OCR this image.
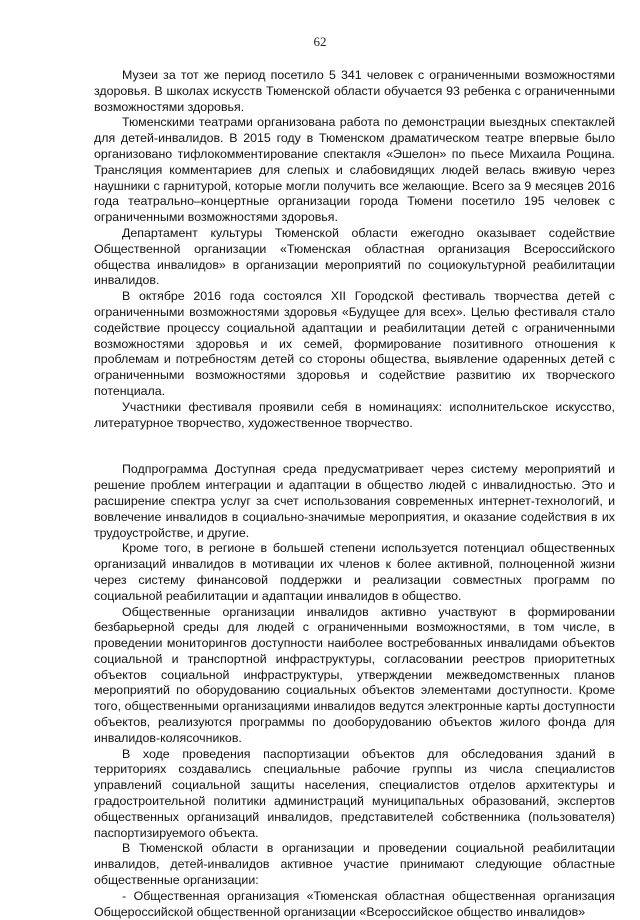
62

Музеи за тот же период посетило 5 341 человек с ограниченными возможностями здоровья. В школах искусств Тюменской области обучается 93 ребенка с ограниченными возможностями здоровья.

Тюменскими театрами организована работа по демонстрации выездных спектаклей для детей-инвалидов. В 2015 году в Тюменском драматическом театре впервые было организовано тифлокомментирование спектакля «Эшелон» по пьесе Михаила Рощина. Трансляция комментариев для слепых и слабовидящих людей велась вживую через наушники с гарнитурой, которые могли получить все желающие. Всего за 9 месяцев 2016 года театрально–концертные организации города Тюмени посетило 195 человек с ограниченными возможностями здоровья.

Департамент культуры Тюменской области ежегодно оказывает содействие Общественной организации «Тюменская областная организация Всероссийского общества инвалидов» в организации мероприятий по социокультурной реабилитации инвалидов.

В октябре 2016 года состоялся XII Городской фестиваль творчества детей с ограниченными возможностями здоровья «Будущее для всех». Целью фестиваля стало содействие процессу социальной адаптации и реабилитации детей с ограниченными возможностями здоровья и их семей, формирование позитивного отношения к проблемам и потребностям детей со стороны общества, выявление одаренных детей с ограниченными возможностями здоровья и содействие развитию их творческого потенциала.

Участники фестиваля проявили себя в номинациях: исполнительское искусство, литературное творчество, художественное творчество.

Подпрограмма Доступная среда предусматривает через систему мероприятий и решение проблем интеграции и адаптации в общество людей с инвалидностью. Это и расширение спектра услуг за счет использования современных интернет-технологий, и вовлечение инвалидов в социально-значимые мероприятия, и оказание содействия в их трудоустройстве, и другие.

Кроме того, в регионе в большей степени используется потенциал общественных организаций инвалидов в мотивации их членов к более активной, полноценной жизни через систему финансовой поддержки и реализации совместных программ по социальной реабилитации и адаптации инвалидов в общество.

Общественные организации инвалидов активно участвуют в формировании безбарьерной среды для людей с ограниченными возможностями, в том числе, в проведении мониторингов доступности наиболее востребованных инвалидами объектов социальной и транспортной инфраструктуры, согласовании реестров приоритетных объектов социальной инфраструктуры, утверждении межведомственных планов мероприятий по оборудованию социальных объектов элементами доступности. Кроме того, общественными организациями инвалидов ведутся электронные карты доступности объектов, реализуются программы по дооборудованию объектов жилого фонда для инвалидов-колясочников.

В ходе проведения паспортизации объектов для обследования зданий в территориях создавались специальные рабочие группы из числа специалистов управлений социальной защиты населения, специалистов отделов архитектуры и градостроительной политики администраций муниципальных образований, экспертов общественных организаций инвалидов, представителей собственника (пользователя) паспортизируемого объекта.

В Тюменской области в организации и проведении социальной реабилитации инвалидов, детей-инвалидов активное участие принимают следующие областные общественные организации:

- Общественная организация «Тюменская областная общественная организация Общероссийской общественной организации «Всероссийское общество инвалидов»
